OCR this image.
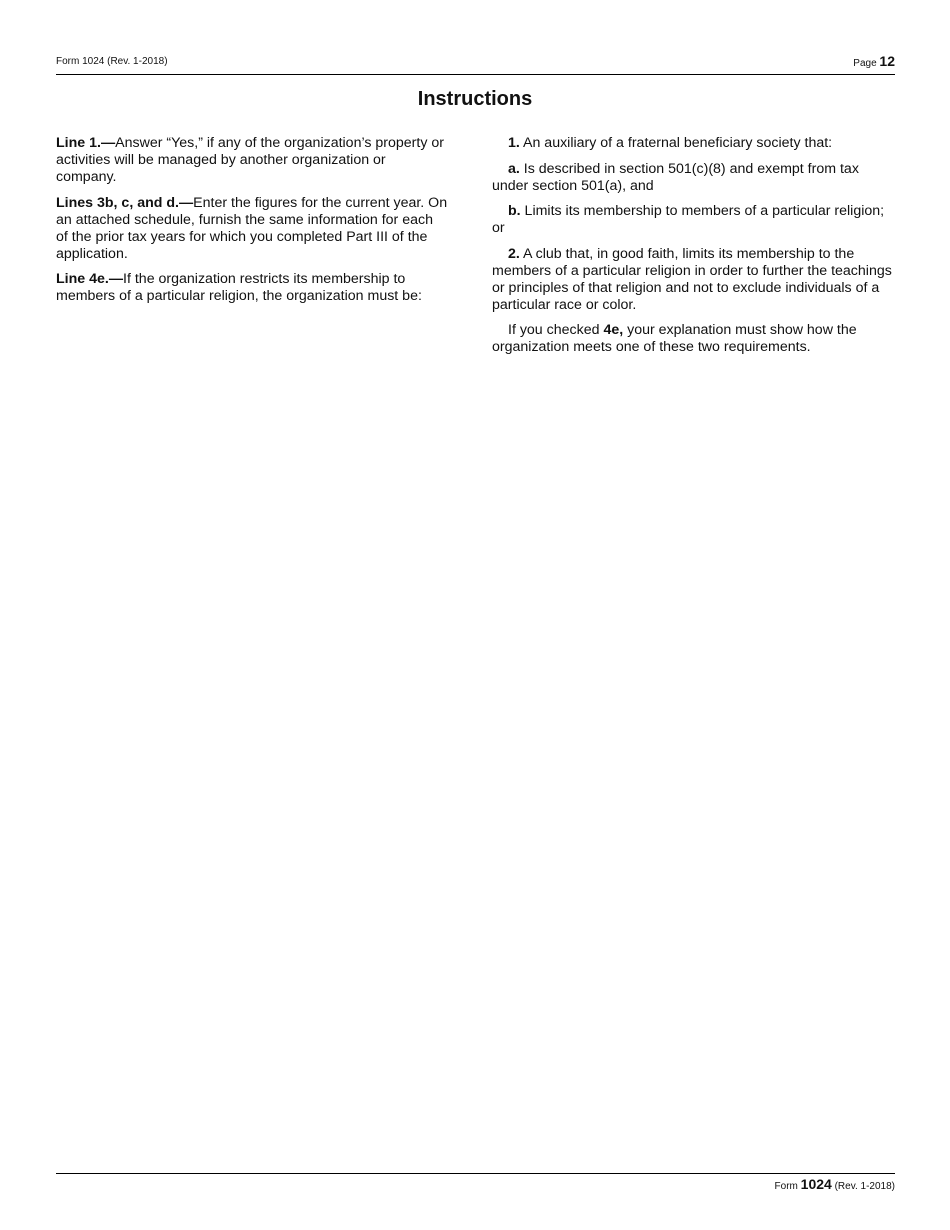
Form 1024 (Rev. 1-2018)	Page 12
Instructions

Line 1.—Answer “Yes,” if any of the organization’s property or activities will be managed by another organization or company.

Lines 3b, c, and d.—Enter the figures for the current year. On an attached schedule, furnish the same information for each of the prior tax years for which you completed Part III of the application.

Line 4e.—If the organization restricts its membership to members of a particular religion, the organization must be:

1. An auxiliary of a fraternal beneficiary society that:

a. Is described in section 501(c)(8) and exempt from tax under section 501(a), and

b. Limits its membership to members of a particular religion; or

2. A club that, in good faith, limits its membership to the members of a particular religion in order to further the teachings or principles of that religion and not to exclude individuals of a particular race or color.

If you checked 4e, your explanation must show how the organization meets one of these two requirements.

Form 1024 (Rev. 1-2018)
